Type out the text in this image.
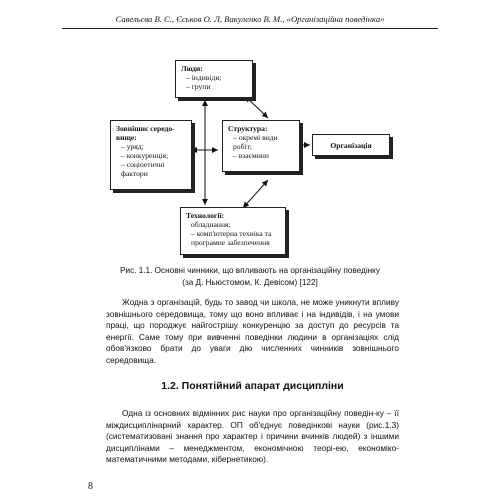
Савельєва В. С., Єськов О. Л, Вакуленко В. М., «Організаційна поведінка»
Люди:
– індивіди;
– групи
Зовнішнє середо-вище:
– уряд;
– конкуренція;
– соціоетичні фактори
Структура:
– окремі види робіт;
– взаємини
Організація
Технології:
обладнання;
– комп'ютерна техніка та програмне забезпечення
Рис. 1.1. Основні чинники, що впливають на організаційну поведінку
(за Д. Ньюстомом, К. Девісом) [122]
Жодна з організацій, будь то завод чи школа, не може уникнути впливу зовнішнього середовища, тому що воно впливає і на індивідів, і на умови праці, що породжує найгострішу конкуренцію за доступ до ресурсів та енергії. Саме тому при вивченні поведінки людини в організаціях слід обов'язково брати до уваги дію численних чинників зовнішнього середовища.
1.2. Понятійний апарат дисципліни
Одна із основних відмінних рис науки про організаційну поведін-ку – її міждисциплінарний характер. ОП об'єднує поведінкові науки (рис.1.3) (систематизовані знання про характер і причини вчинків людей) з іншими дисциплінами – менеджментом, економічною теорі-ею, економіко-математичними методами, кібернетикою).
8
